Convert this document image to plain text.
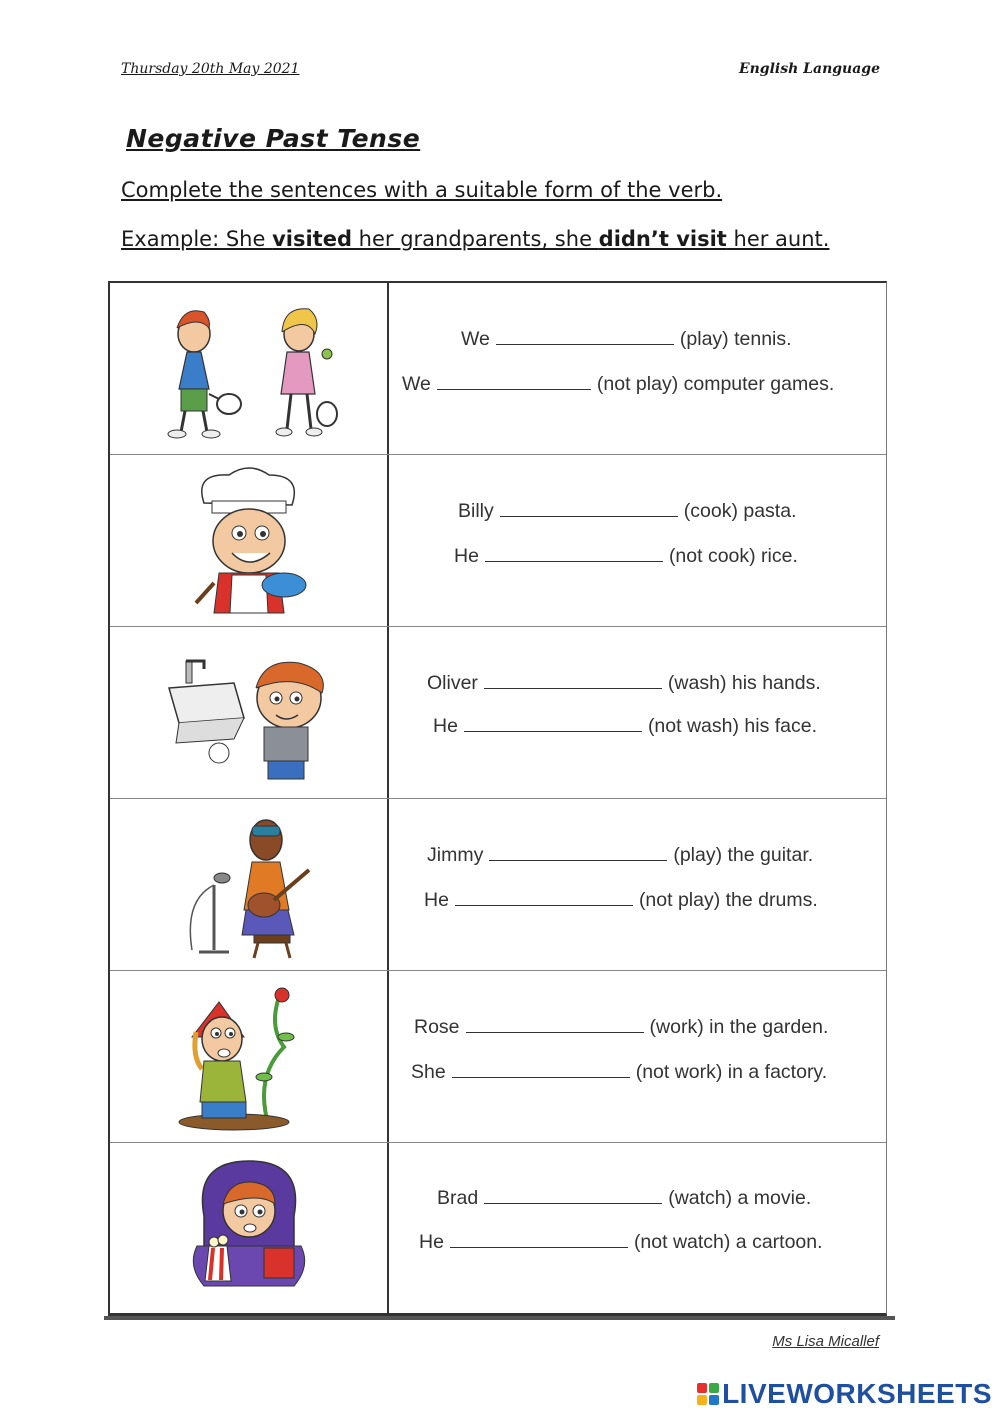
Thursday 20th May 2021	English Language
Negative Past Tense
Complete the sentences with a suitable form of the verb.
Example: She visited her grandparents, she didn’t visit her aunt.
We	(play) tennis.
We	(not play) computer games.
Billy	(cook) pasta.
He	(not cook) rice.
Oliver	(wash) his hands.
He	(not wash) his face.
Jimmy	(play) the guitar.
He	(not play) the drums.
Rose	(work) in the garden.
She	(not work) in a factory.
Brad	(watch) a movie.
He	(not watch) a cartoon.
Ms Lisa Micallef
LIVEWORKSHEETS
